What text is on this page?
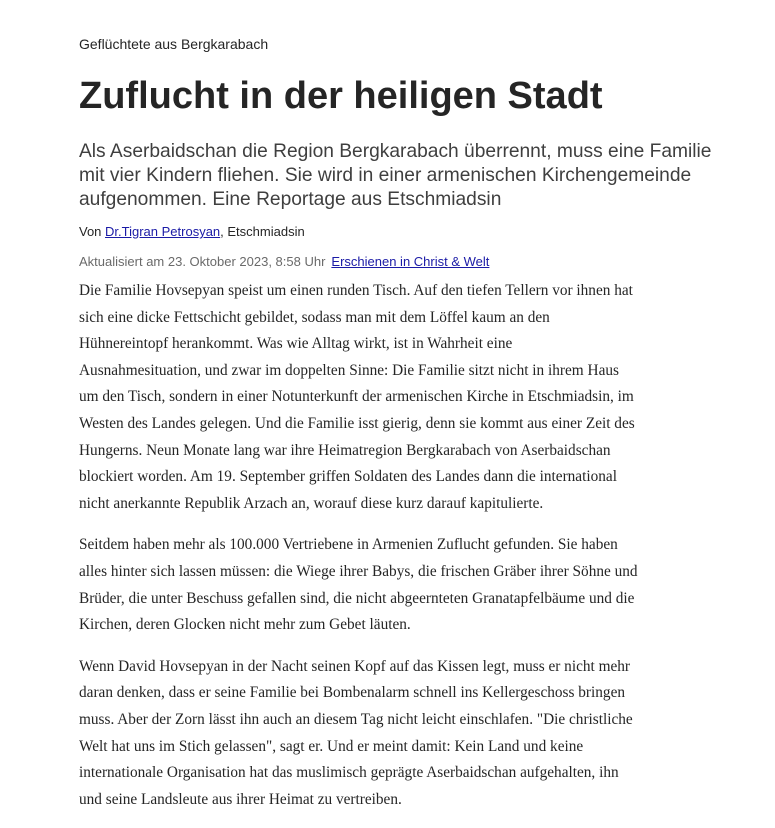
Geflüchtete aus Bergkarabach
Zuflucht in der heiligen Stadt

Als Aserbaidschan die Region Bergkarabach überrennt, muss eine Familie mit vier Kindern fliehen. Sie wird in einer armenischen Kirchengemeinde aufgenommen. Eine Reportage aus Etschmiadsin

Von Dr.Tigran Petrosyan, Etschmiadsin
Aktualisiert am 23. Oktober 2023, 8:58 Uhr Erschienen in Christ & Welt

Die Familie Hovsepyan speist um einen runden Tisch. Auf den tiefen Tellern vor ihnen hat
sich eine dicke Fettschicht gebildet, sodass man mit dem Löffel kaum an den
Hühnereintopf herankommt. Was wie Alltag wirkt, ist in Wahrheit eine
Ausnahmesituation, und zwar im doppelten Sinne: Die Familie sitzt nicht in ihrem Haus
um den Tisch, sondern in einer Notunterkunft der armenischen Kirche in Etschmiadsin, im
Westen des Landes gelegen. Und die Familie isst gierig, denn sie kommt aus einer Zeit des
Hungerns. Neun Monate lang war ihre Heimatregion Bergkarabach von Aserbaidschan
blockiert worden. Am 19. September griffen Soldaten des Landes dann die international
nicht anerkannte Republik Arzach an, worauf diese kurz darauf kapitulierte.

Seitdem haben mehr als 100.000 Vertriebene in Armenien Zuflucht gefunden. Sie haben
alles hinter sich lassen müssen: die Wiege ihrer Babys, die frischen Gräber ihrer Söhne und
Brüder, die unter Beschuss gefallen sind, die nicht abgeernteten Granatapfelbäume und die
Kirchen, deren Glocken nicht mehr zum Gebet läuten.

Wenn David Hovsepyan in der Nacht seinen Kopf auf das Kissen legt, muss er nicht mehr
daran denken, dass er seine Familie bei Bombenalarm schnell ins Kellergeschoss bringen
muss. Aber der Zorn lässt ihn auch an diesem Tag nicht leicht einschlafen. "Die christliche
Welt hat uns im Stich gelassen", sagt er. Und er meint damit: Kein Land und keine
internationale Organisation hat das muslimisch geprägte Aserbaidschan aufgehalten, ihn
und seine Landsleute aus ihrer Heimat zu vertreiben.
